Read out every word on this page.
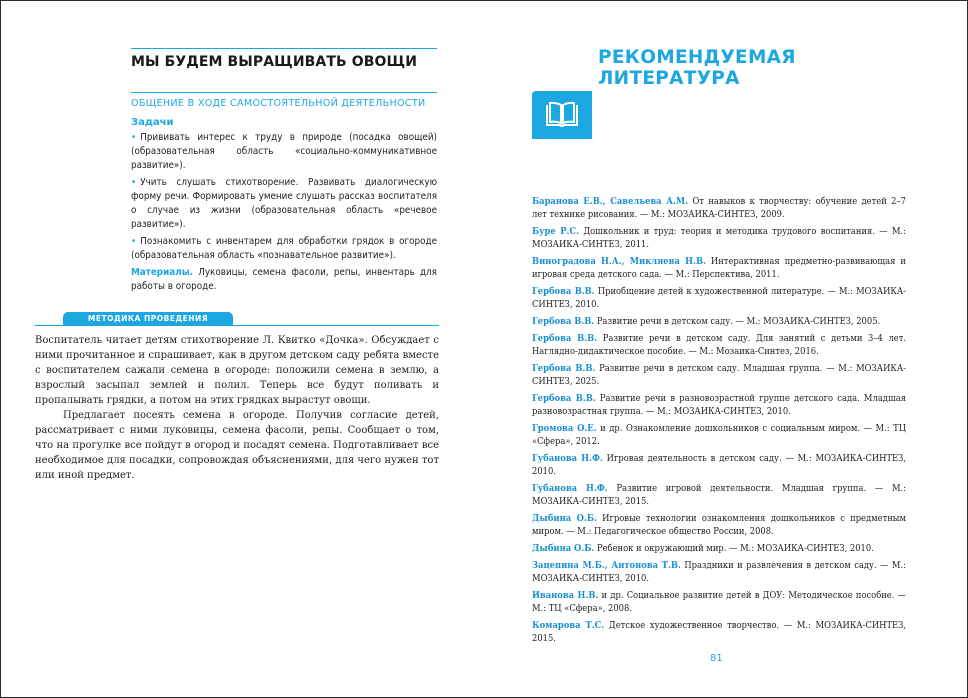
МЫ БУДЕМ ВЫРАЩИВАТЬ ОВОЩИ
ОБЩЕНИЕ В ХОДЕ САМОСТОЯТЕЛЬНОЙ ДЕЯТЕЛЬНОСТИ
Задачи

• Прививать интерес к труду в природе (посадка овощей) (образовательная область «социально-коммуникативное развитие»).

• Учить слушать стихотворение. Развивать диалогическую форму речи. Формировать умение слушать рассказ воспитателя о случае из жизни (образовательная область «речевое развитие»).

• Познакомить с инвентарем для обработки грядок в огороде (образовательная область «познавательное развитие»).

Материалы. Луковицы, семена фасоли, репы, инвентарь для работы в огороде.

МЕТОДИКА ПРОВЕДЕНИЯ

Воспитатель читает детям стихотворение Л. Квитко «Дочка». Обсуждает с ними прочитанное и спрашивает, как в другом детском саду ребята вместе с воспитателем сажали семена в огороде: положили семена в землю, а взрослый засыпал землей и полил. Теперь все будут поливать и пропалывать грядки, а потом на этих грядках вырастут овощи.

Предлагает посеять семена в огороде. Получив согласие детей, рассматривает с ними луковицы, семена фасоли, репы. Сообщает о том, что на прогулке все пойдут в огород и посадят семена. Подготавливает все необходимое для посадки, сопровождая объяснениями, для чего нужен тот или иной предмет.

РЕКОМЕНДУЕМАЯ ЛИТЕРАТУРА

Баранова Е.В., Савельева А.М. От навыков к творчеству: обучение детей 2–7 лет технике рисования. — М.: МОЗАИКА-СИНТЕЗ, 2009.

Буре Р.С. Дошкольник и труд: теория и методика трудового воспитания. — М.: МОЗАИКА-СИНТЕЗ, 2011.

Виноградова Н.А., Микляева Н.В. Интерактивная предметно-развивающая и игровая среда детского сада. — М.: Перспектива, 2011.

Гербова В.В. Приобщение детей к художественной литературе. — М.: МОЗАИКА-СИНТЕЗ, 2010.

Гербова В.В. Развитие речи в детском саду. — М.: МОЗАИКА-СИНТЕЗ, 2005.

Гербова В.В. Развитие речи в детском саду. Для занятий с детьми 3–4 лет. Наглядно-дидактическое пособие. — М.: Мозаика-Синтез, 2016.

Гербова В.В. Развитие речи в детском саду. Младшая группа. — М.: МОЗАИКА-СИНТЕЗ, 2025.

Гербова В.В. Развитие речи в разновозрастной группе детского сада. Младшая разновозрастная группа. — М.: МОЗАИКА-СИНТЕЗ, 2010.

Громова О.Е. и др. Ознакомление дошкольников с социальным миром. — М.: ТЦ «Сфера», 2012.

Губанова Н.Ф. Игровая деятельность в детском саду. — М.: МОЗАИКА-СИНТЕЗ, 2010.

Губанова Н.Ф. Развитие игровой деятельности. Младшая группа. — М.: МОЗАИКА-СИНТЕЗ, 2015.

Дыбина О.Б. Игровые технологии ознакомления дошкольников с предметным миром. — М.: Педагогическое общество России, 2008.

Дыбина О.Б. Ребенок и окружающий мир. — М.: МОЗАИКА-СИНТЕЗ, 2010.

Зацепина М.Б., Антонова Т.В. Праздники и развлечения в детском саду. — М.: МОЗАИКА-СИНТЕЗ, 2010.

Иванова Н.В. и др. Социальное развитие детей в ДОУ: Методическое пособие. — М.: ТЦ «Сфера», 2008.

Комарова Т.С. Детское художественное творчество. — М.: МОЗАИКА-СИНТЕЗ, 2015.

81
